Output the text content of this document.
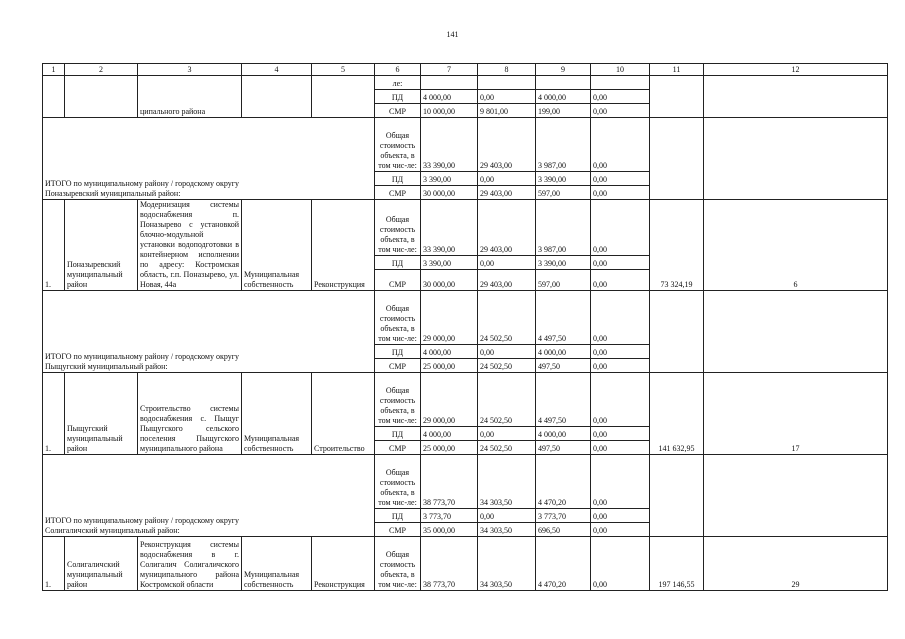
141
1	2	3	4	5	6	7	8	9	10	11	12
		ципального района			ле:						
					ПД	4 000,00	0,00	4 000,00	0,00		
					СМР	10 000,00	9 801,00	199,00	0,00		

ИТОГО по муниципальному району / городскому округу
Поназыревский муниципальный район:					Общая стоимость объекта, в том чис-ле:	33 390,00	29 403,00	3 987,00	0,00		
					ПД	3 390,00	0,00	3 390,00	0,00		
					СМР	30 000,00	29 403,00	597,00	0,00		
1.	Поназыревский муниципальный район	Модернизация системы водоснабжения п. Поназырево с установкой блочно-модульной установки водоподготовки в контейнерном исполнении по адресу: Костромская область, г.п. Поназырево, ул. Новая, 44а	Муниципальная собственность	Реконструкция	Общая стоимость объекта, в том чис-ле:	33 390,00	29 403,00	3 987,00	0,00	73 324,19	6
					ПД	3 390,00	0,00	3 390,00	0,00		
					СМР	30 000,00	29 403,00	597,00	0,00		

ИТОГО по муниципальному району / городскому округу
Пыщугский муниципальный район:					Общая стоимость объекта, в том чис-ле:	29 000,00	24 502,50	4 497,50	0,00		
					ПД	4 000,00	0,00	4 000,00	0,00		
					СМР	25 000,00	24 502,50	497,50	0,00		
1.	Пыщугский муниципальный район	Строительство системы водоснабжения с. Пыщуг Пыщугского сельского поселения Пыщугского муниципального района	Муниципальная собственность	Строительство	Общая стоимость объекта, в том чис-ле:	29 000,00	24 502,50	4 497,50	0,00	141 632,95	17
					ПД	4 000,00	0,00	4 000,00	0,00		
					СМР	25 000,00	24 502,50	497,50	0,00		

ИТОГО по муниципальному району / городскому округу
Солигаличский муниципальный район:					Общая стоимость объекта, в том чис-ле:	38 773,70	34 303,50	4 470,20	0,00		
					ПД	3 773,70	0,00	3 773,70	0,00		
					СМР	35 000,00	34 303,50	696,50	0,00		
1.	Солигаличский муниципальный район	Реконструкция системы водоснабжения в г. Солигалич Солигаличского муниципального района Костромской области	Муниципальная собственность	Реконструкция	Общая стоимость объекта, в том чис-ле:	38 773,70	34 303,50	4 470,20	0,00	197 146,55	29
